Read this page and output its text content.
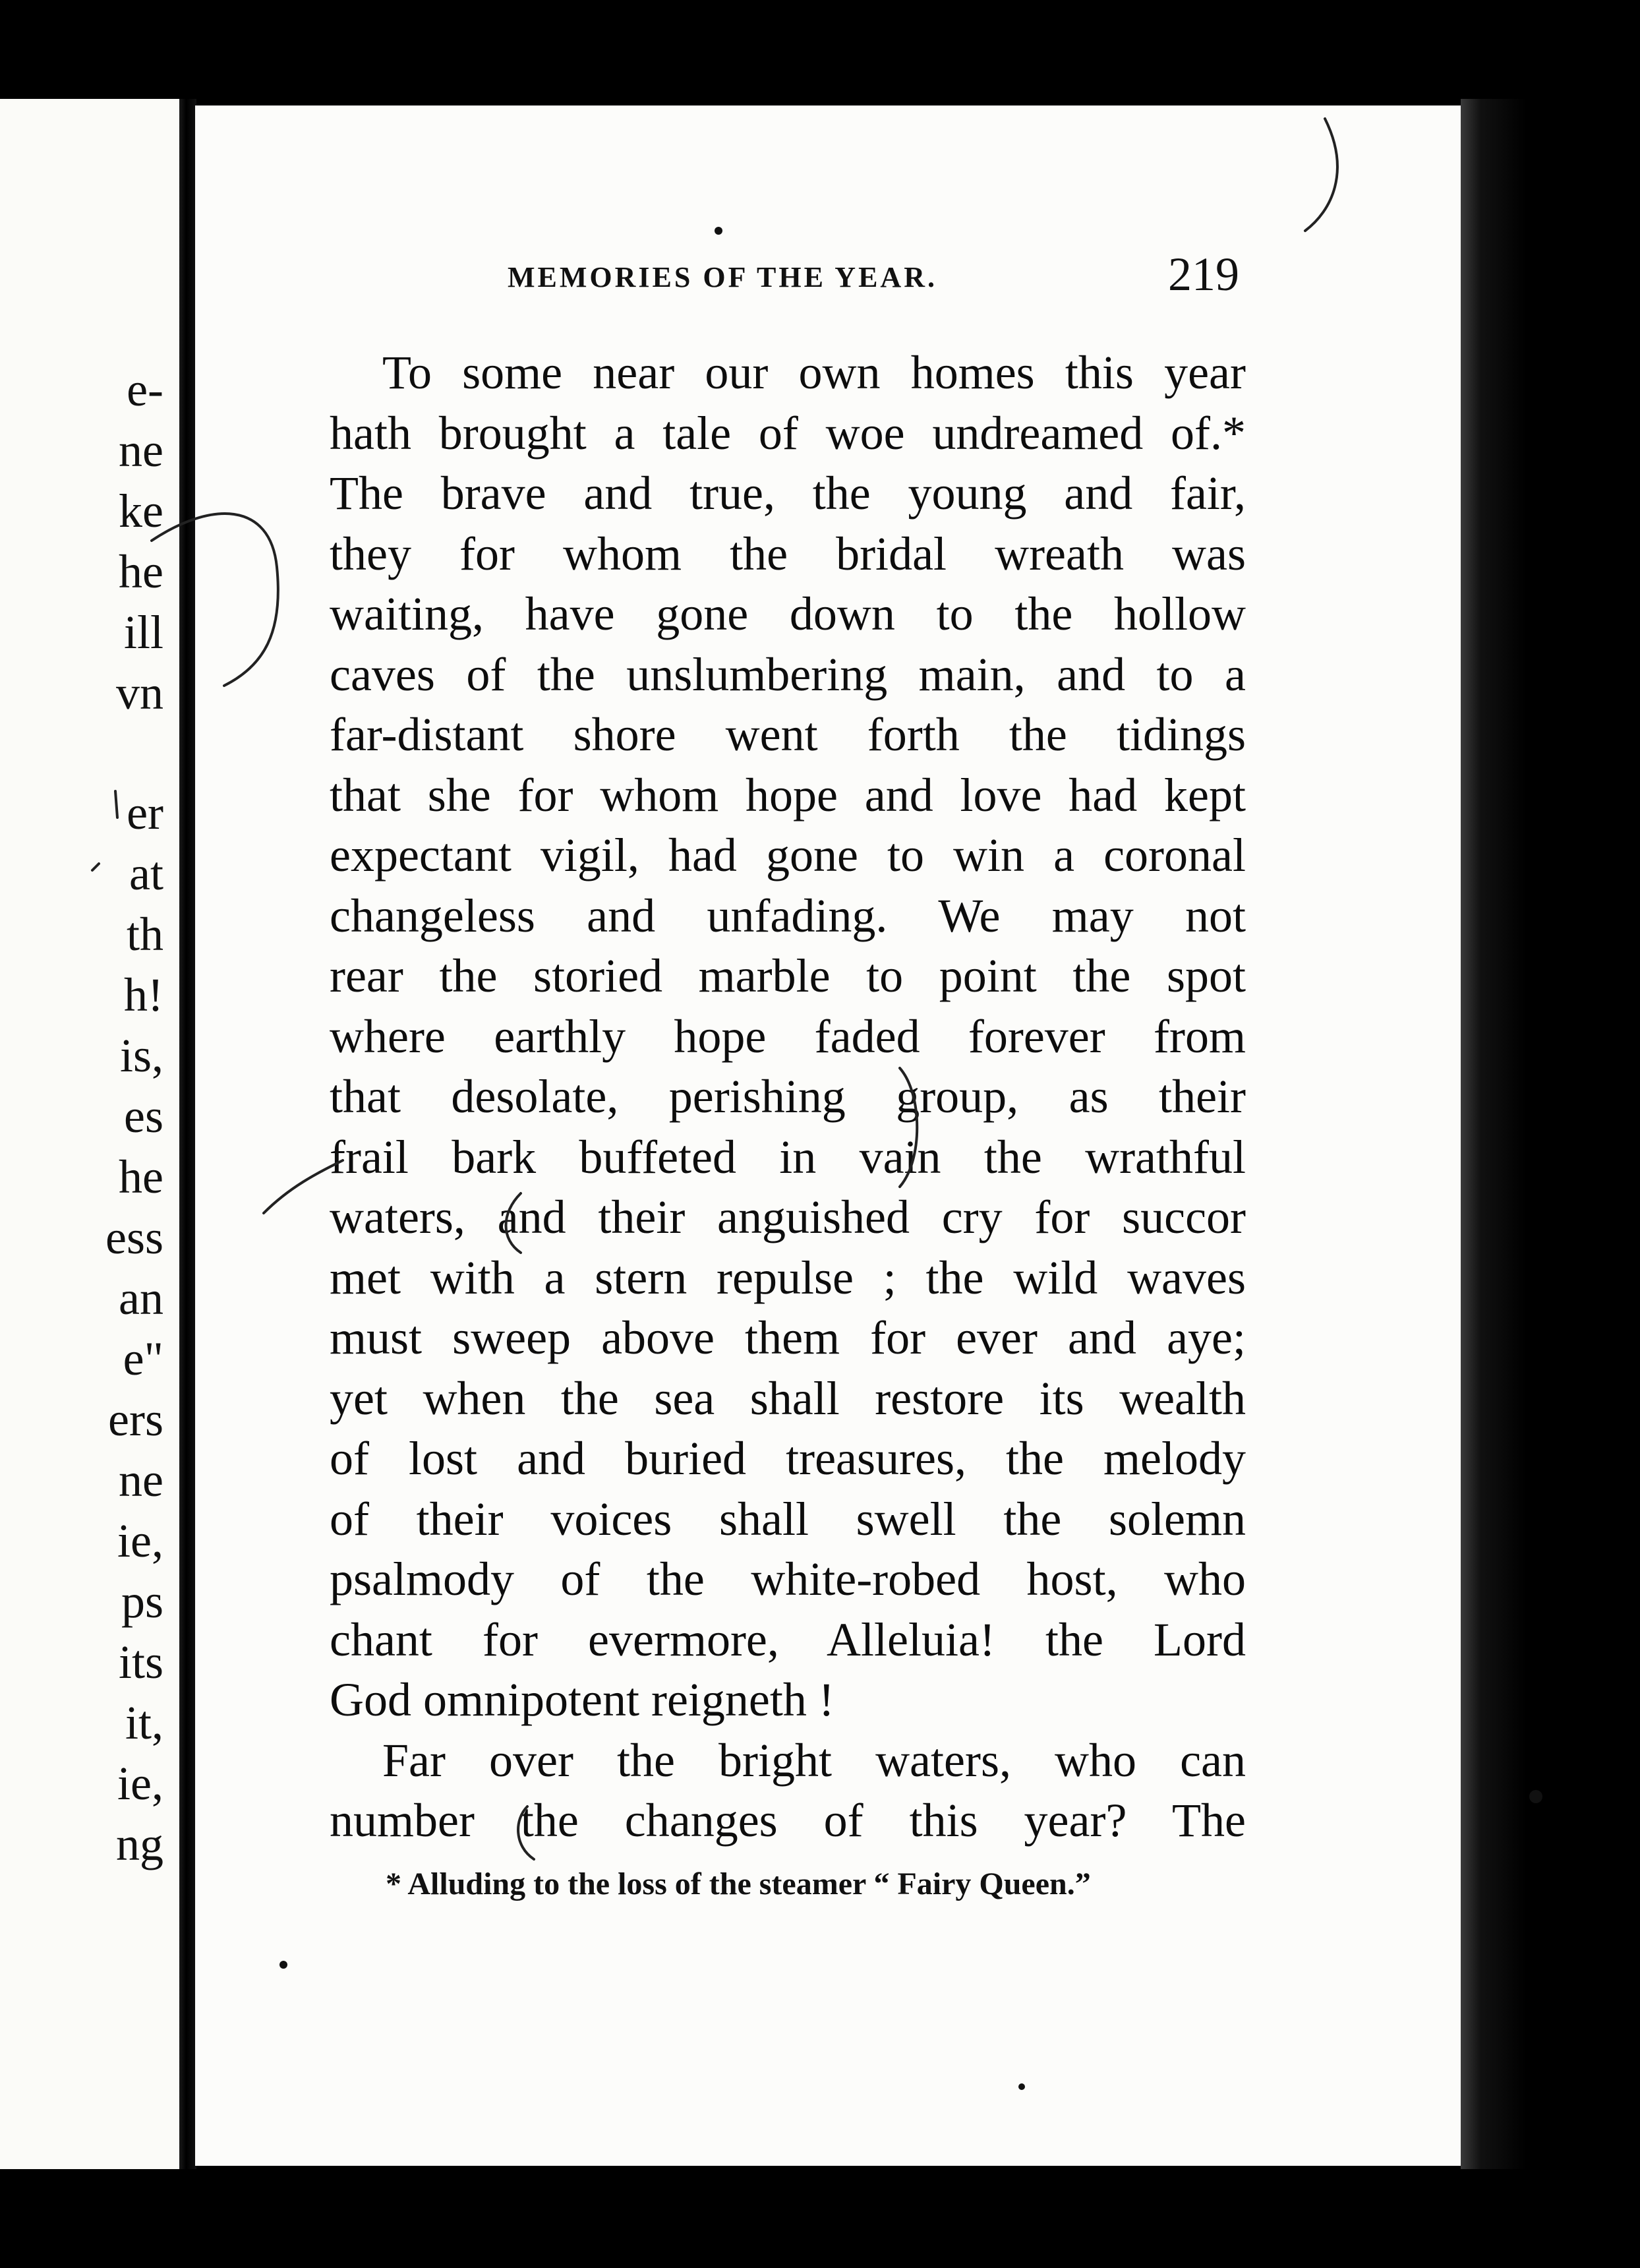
e-
ne
ke
he
ill
vn
er
at
th
h!
is,
es
he
ess
an
e"
ers
ne
ie,
ps
its
it,
ie,
ng
MEMORIES OF THE YEAR.	219
To some near our own homes this year
hath brought a tale of woe undreamed of.*
The brave and true, the young and fair,
they for whom the bridal wreath was
waiting, have gone down to the hollow
caves of the unslumbering main, and to a
far-distant shore went forth the tidings
that she for whom hope and love had kept
expectant vigil, had gone to win a coronal
changeless and unfading. We may not
rear the storied marble to point the spot
where earthly hope faded forever from
that desolate, perishing group, as their
frail bark buffeted in vain the wrathful
waters, and their anguished cry for succor
met with a stern repulse ; the wild waves
must sweep above them for ever and aye;
yet when the sea shall restore its wealth
of lost and buried treasures, the melody
of their voices shall swell the solemn
psalmody of the white-robed host, who
chant for evermore, Alleluia! the Lord
God omnipotent reigneth !
Far over the bright waters, who can
number the changes of this year? The
* Alluding to the loss of the steamer “ Fairy Queen.”
